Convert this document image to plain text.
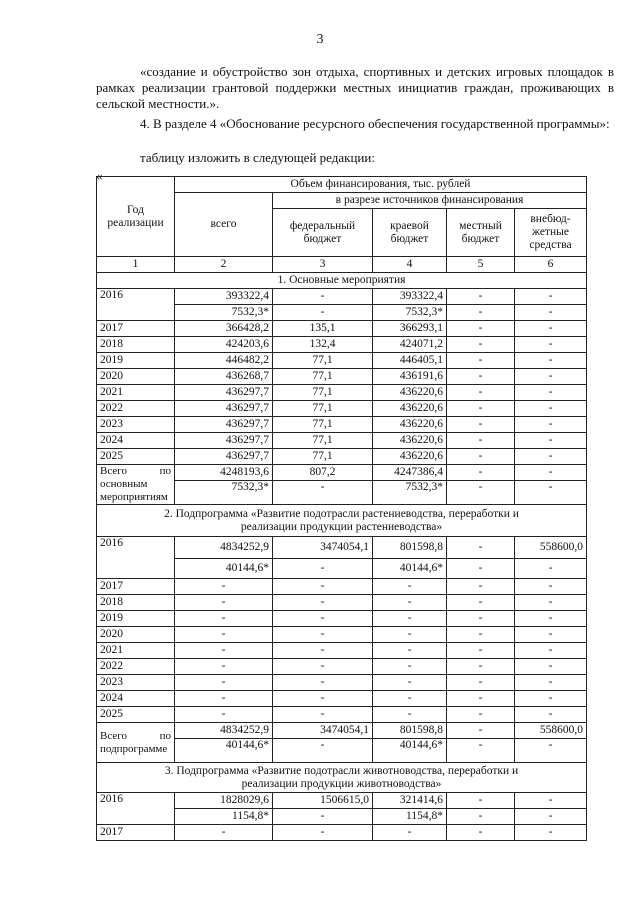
3
«создание и обустройство зон отдыха, спортивных и детских игровых площадок в рамках реализации грантовой поддержки местных инициатив граждан, проживающих в сельской местности.».
4. В разделе 4 «Обоснование ресурсного обеспечения государственной программы»:
таблицу изложить в следующей редакции:
«
Год реализации	Объем финансирования, тыс. рублей				
	всего	в разрезе источников финансирования			
		федеральный бюджет	краевой бюджет	местный бюджет	внебюд-жетные средства
1	2	3	4	5	6
1. Основные мероприятия					
2016	393322,4	-	393322,4	-	-
	7532,3*	-	7532,3*	-	-
2017	366428,2	135,1	366293,1	-	-
2018	424203,6	132,4	424071,2	-	-
2019	446482,2	77,1	446405,1	-	-
2020	436268,7	77,1	436191,6	-	-
2021	436297,7	77,1	436220,6	-	-
2022	436297,7	77,1	436220,6	-	-
2023	436297,7	77,1	436220,6	-	-
2024	436297,7	77,1	436220,6	-	-
2025	436297,7	77,1	436220,6	-	-
Всего по основным мероприятиям	4248193,6	807,2	4247386,4	-	-
	7532,3*	-	7532,3*	-	-
2. Подпрограмма «Развитие подотрасли растениеводства, переработки и реализации продукции растениеводства»					
2016	4834252,9	3474054,1	801598,8	-	558600,0
	40144,6*	-	40144,6*	-	-
2017	-	-	-	-	-
2018	-	-	-	-	-
2019	-	-	-	-	-
2020	-	-	-	-	-
2021	-	-	-	-	-
2022	-	-	-	-	-
2023	-	-	-	-	-
2024	-	-	-	-	-
2025	-	-	-	-	-
Всего по подпрограмме	4834252,9	3474054,1	801598,8	-	558600,0
	40144,6*	-	40144,6*	-	-
3. Подпрограмма «Развитие подотрасли животноводства, переработки и реализации продукции животноводства»					
2016	1828029,6	1506615,0	321414,6	-	-
	1154,8*	-	1154,8*	-	-
2017	-	-	-	-	-
